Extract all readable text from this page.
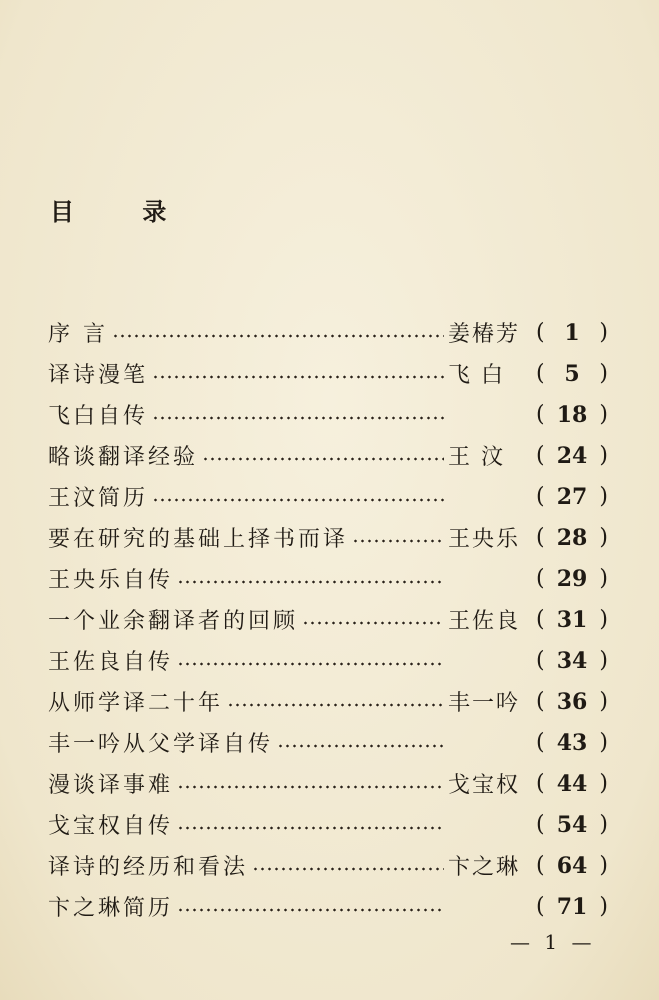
目 录
序 言	姜椿芳 ( 1 )
译诗漫笔	飞 白	( 5 )
飞白自传	( 18 )
略谈翻译经验	王 汶	( 24 )
王汶简历	( 27 )
要在研究的基础上择书而译	王央乐 ( 28 )
王央乐自传	( 29 )
一个业余翻译者的回顾	王佐良 ( 31 )
王佐良自传	( 34 )
从师学译二十年	丰一吟 ( 36 )
丰一吟从父学译自传	( 43 )
漫谈译事难	戈宝权 ( 44 )
戈宝权自传	( 54 )
译诗的经历和看法	卞之琳 ( 64 )
卞之琳简历	( 71 )
— 1 —
